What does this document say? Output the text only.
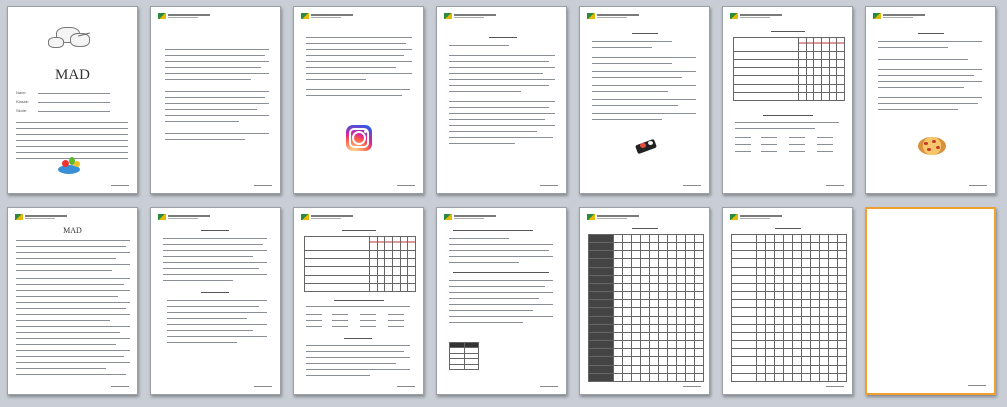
MAD
Navn:
Klasse:
Skole:

MAD
